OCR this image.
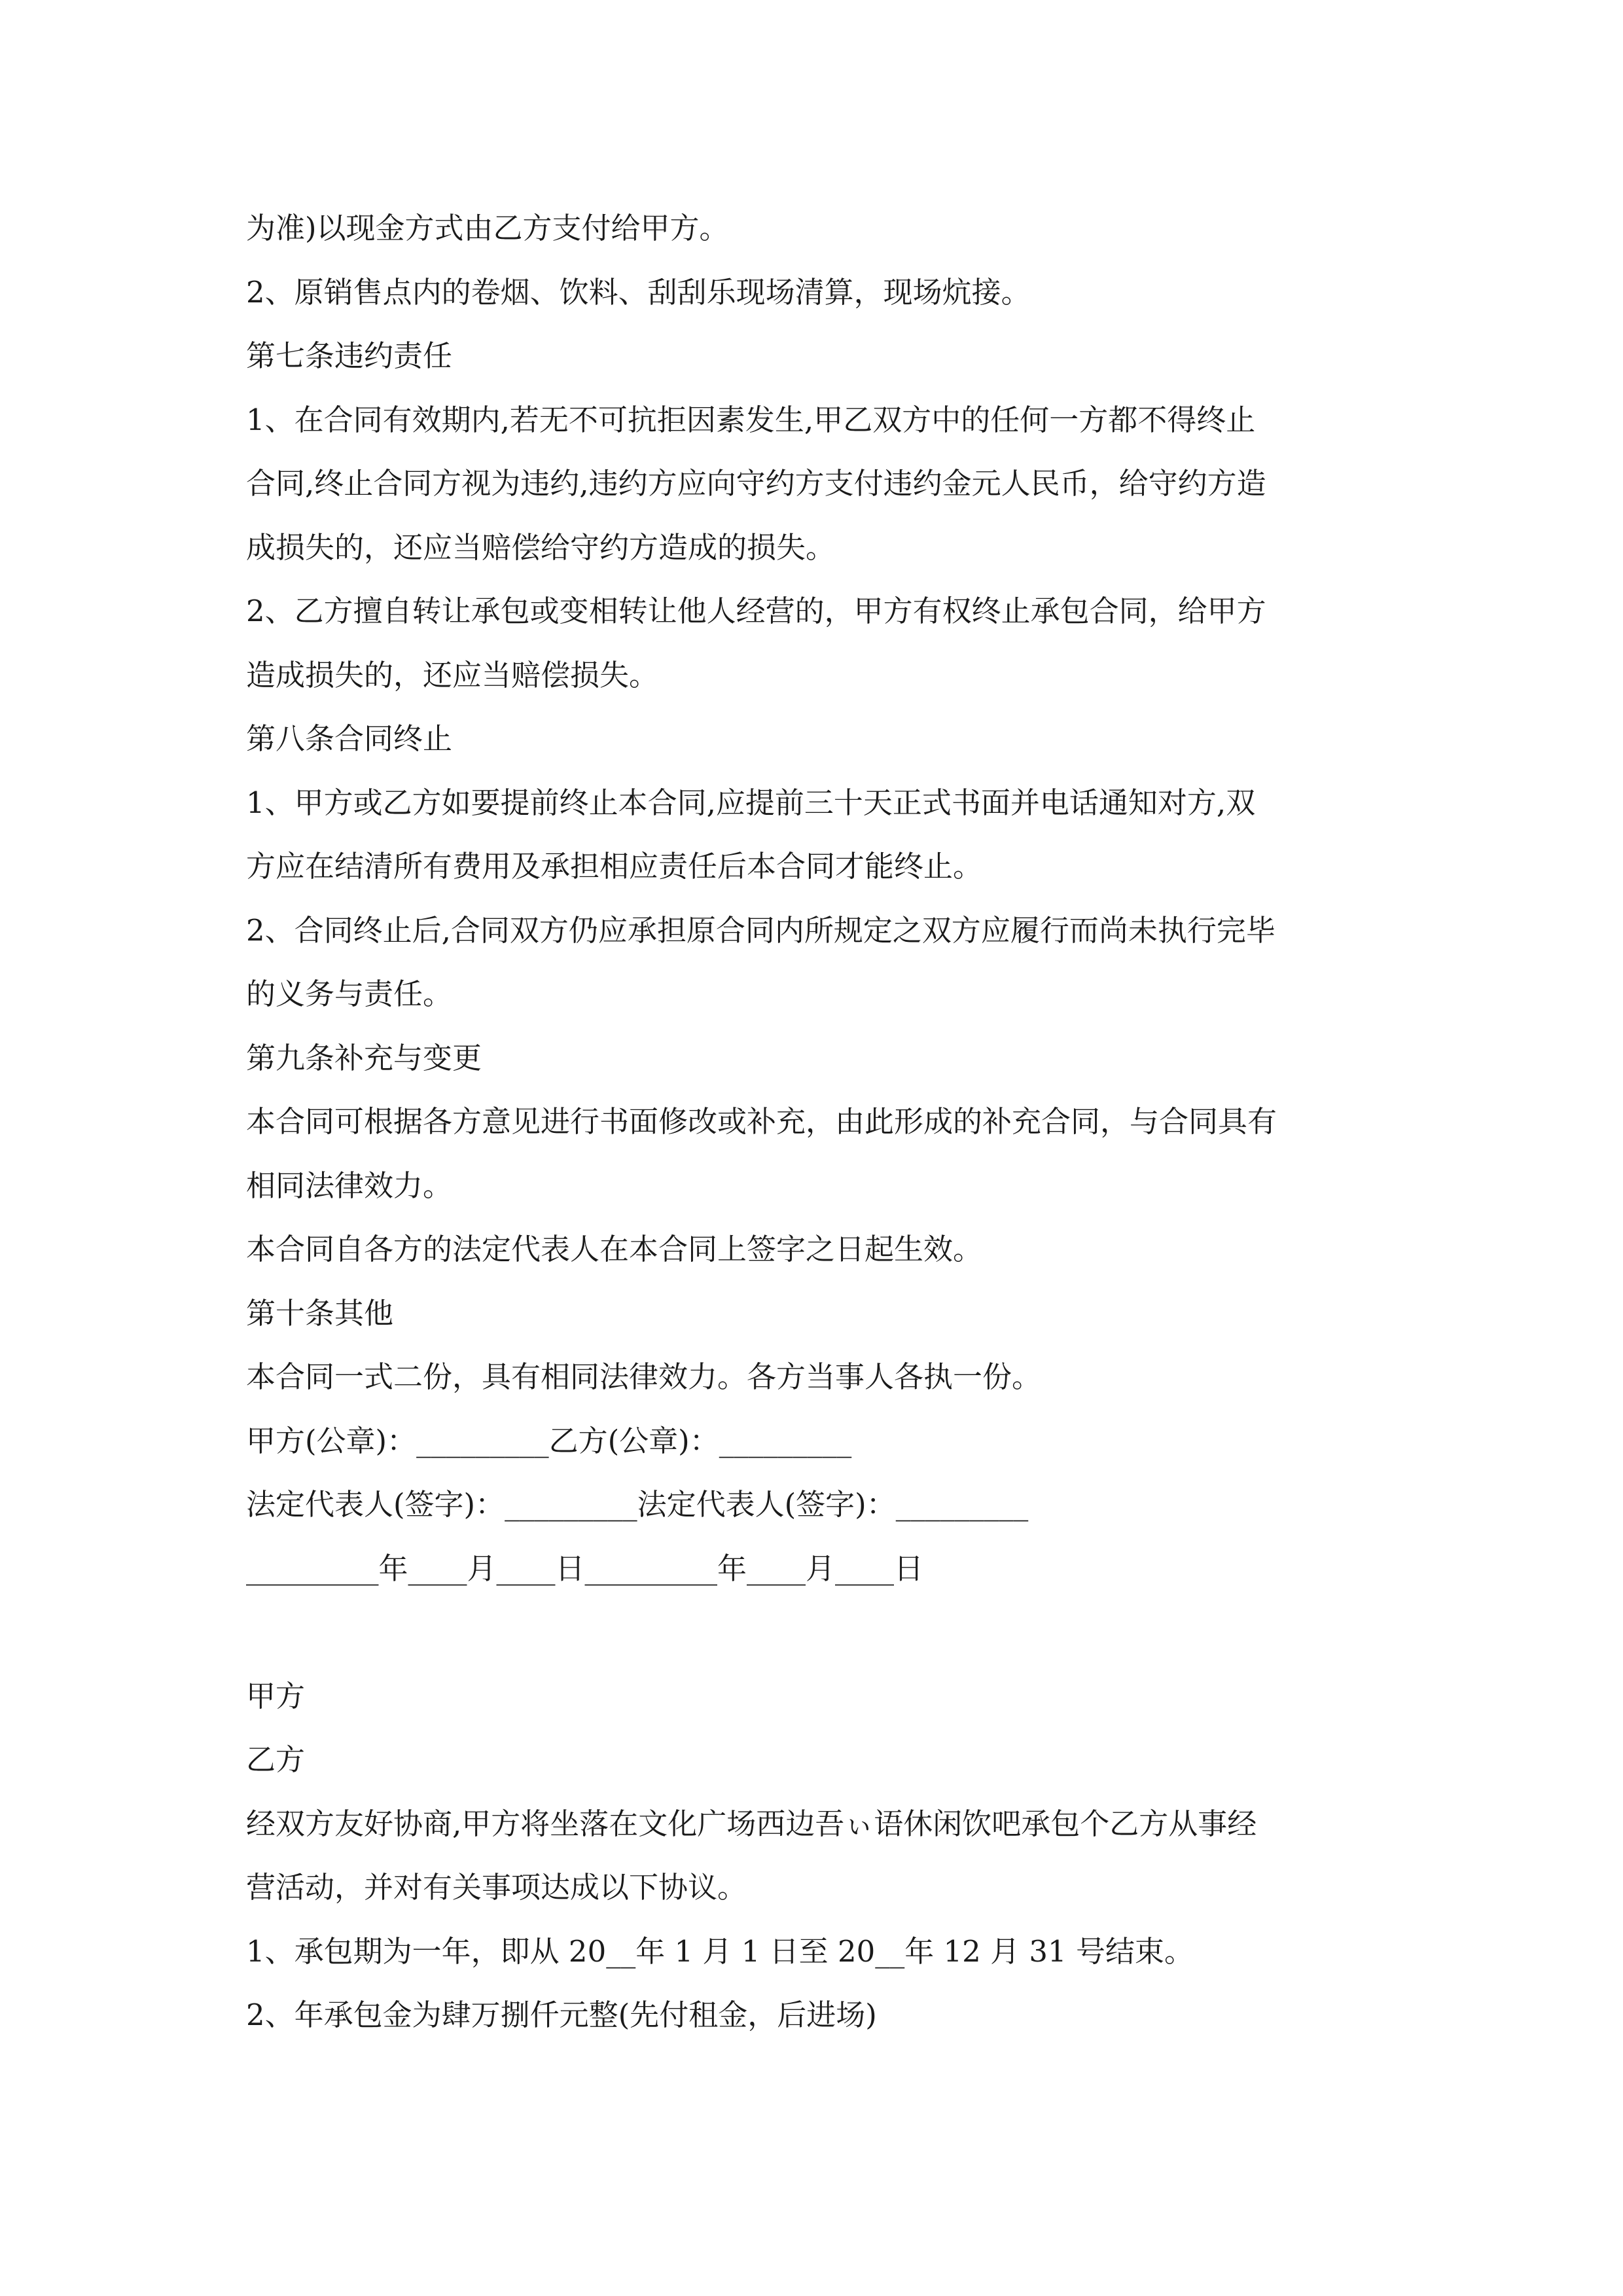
为准)以现金方式由乙方支付给甲方。
2、原销售点内的卷烟、饮料、刮刮乐现场清算，现场炕接。
第七条违约责任
1、在合同有效期内,若无不可抗拒因素发生,甲乙双方中的任何一方都不得终止
合同,终止合同方视为违约,违约方应向守约方支付违约金元人民币，给守约方造
成损失的，还应当赔偿给守约方造成的损失。
2、乙方擅自转让承包或变相转让他人经营的，甲方有权终止承包合同，给甲方
造成损失的，还应当赔偿损失。
第八条合同终止
1、甲方或乙方如要提前终止本合同,应提前三十天正式书面并电话通知对方,双
方应在结清所有费用及承担相应责任后本合同才能终止。
2、合同终止后,合同双方仍应承担原合同内所规定之双方应履行而尚未执行完毕
的义务与责任。
第九条补充与变更
本合同可根据各方意见进行书面修改或补充，由此形成的补充合同，与合同具有
相同法律效力。
本合同自各方的法定代表人在本合同上签字之日起生效。
第十条其他
本合同一式二份，具有相同法律效力。各方当事人各执一份。
甲方(公章)：_________乙方(公章)：_________
法定代表人(签字)：_________法定代表人(签字)：_________
_________年____月____日_________年____月____日
甲方
乙方
经双方友好协商,甲方将坐落在文化广场西边吾ぃ语休闲饮吧承包个乙方从事经
营活动，并对有关事项达成以下协议。
1、承包期为一年，即从 20__年 1 月 1 日至 20__年 12 月 31 号结束。
2、年承包金为肆万捌仟元整(先付租金，后进场)
